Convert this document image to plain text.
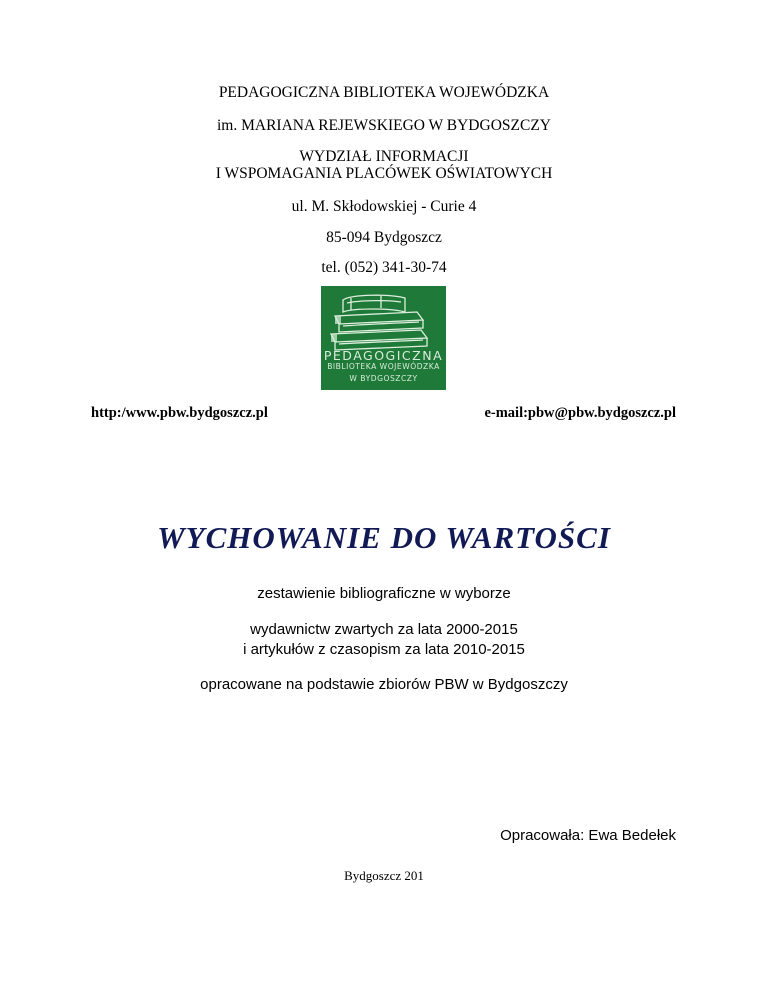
PEDAGOGICZNA BIBLIOTEKA WOJEWÓDZKA
im. MARIANA REJEWSKIEGO W BYDGOSZCZY
WYDZIAŁ INFORMACJI
I WSPOMAGANIA PLACÓWEK OŚWIATOWYCH
ul. M. Skłodowskiej - Curie 4
85-094 Bydgoszcz
tel. (052) 341-30-74
PEDAGOGICZNA
BIBLIOTEKA WOJEWÓDZKA
W BYDGOSZCZY
http:/www.pbw.bydgoszcz.pl	e-mail:pbw@pbw.bydgoszcz.pl
WYCHOWANIE DO WARTOŚCI
zestawienie bibliograficzne w wyborze
wydawnictw zwartych za lata 2000-2015
i artykułów z czasopism za lata 2010-2015
opracowane na podstawie zbiorów PBW w Bydgoszczy
Opracowała: Ewa Bedełek
Bydgoszcz 201
